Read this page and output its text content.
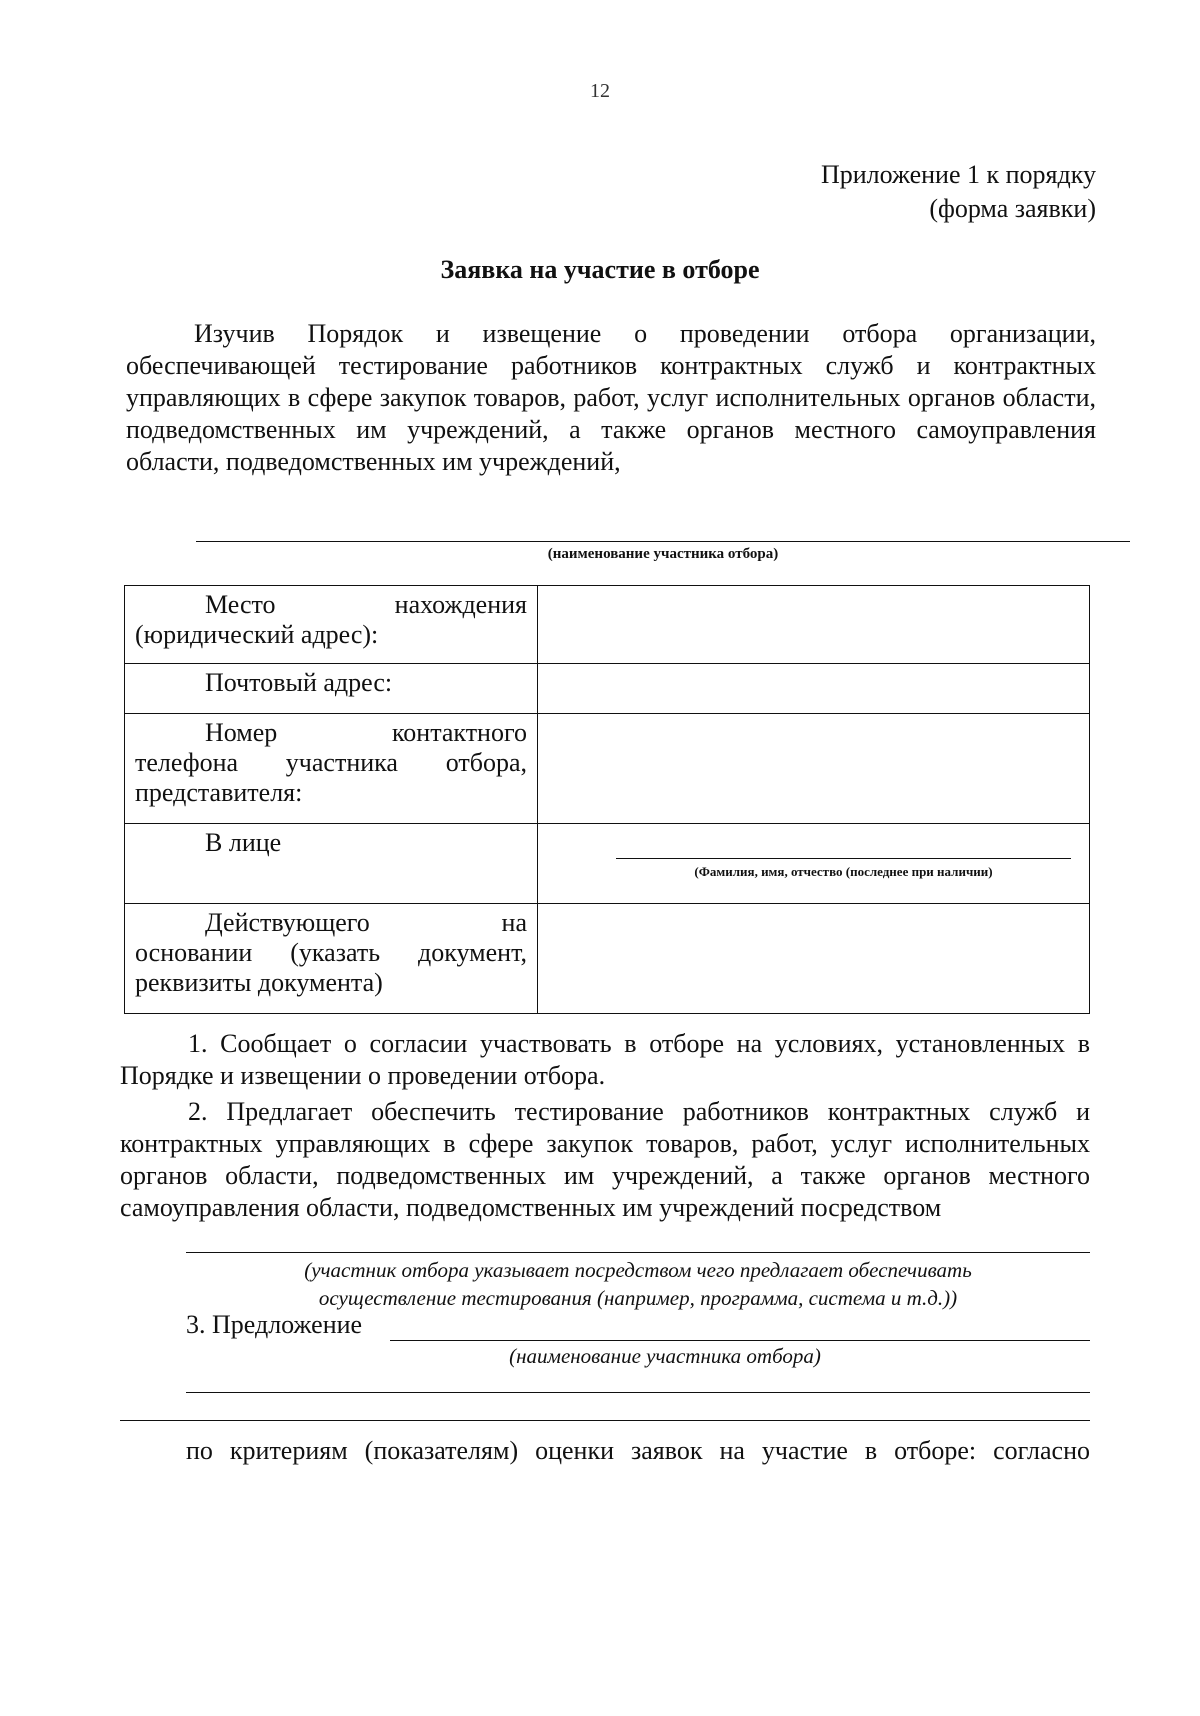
12
Приложение 1 к порядку
(форма заявки)
Заявка на участие в отборе
Изучив Порядок и извещение о проведении отбора организации, обеспечивающей тестирование работников контрактных служб и контрактных управляющих в сфере закупок товаров, работ, услуг исполнительных органов области, подведомственных им учреждений, а также органов местного самоуправления области, подведомственных им учреждений,
(наименование участника отбора)
Место нахождения
(юридический адрес):	

Почтовый адрес:	

Номер контактного
телефона участника отбора, представителя:	

В лице	(Фамилия, имя, отчество (последнее при наличии)

Действующего на
основании (указать документ, реквизиты документа)	
1. Сообщает о согласии участвовать в отборе на условиях, установленных в Порядке и извещении о проведении отбора.
2. Предлагает обеспечить тестирование работников контрактных служб и контрактных управляющих в сфере закупок товаров, работ, услуг исполнительных органов области, подведомственных им учреждений, а также органов местного самоуправления области, подведомственных им учреждений посредством
(участник отбора указывает посредством чего предлагает обеспечивать
осуществление тестирования (например, программа, система и т.д.))
3. Предложение
(наименование участника отбора)
по критериям (показателям) оценки заявок на участие в отборе: согласно
